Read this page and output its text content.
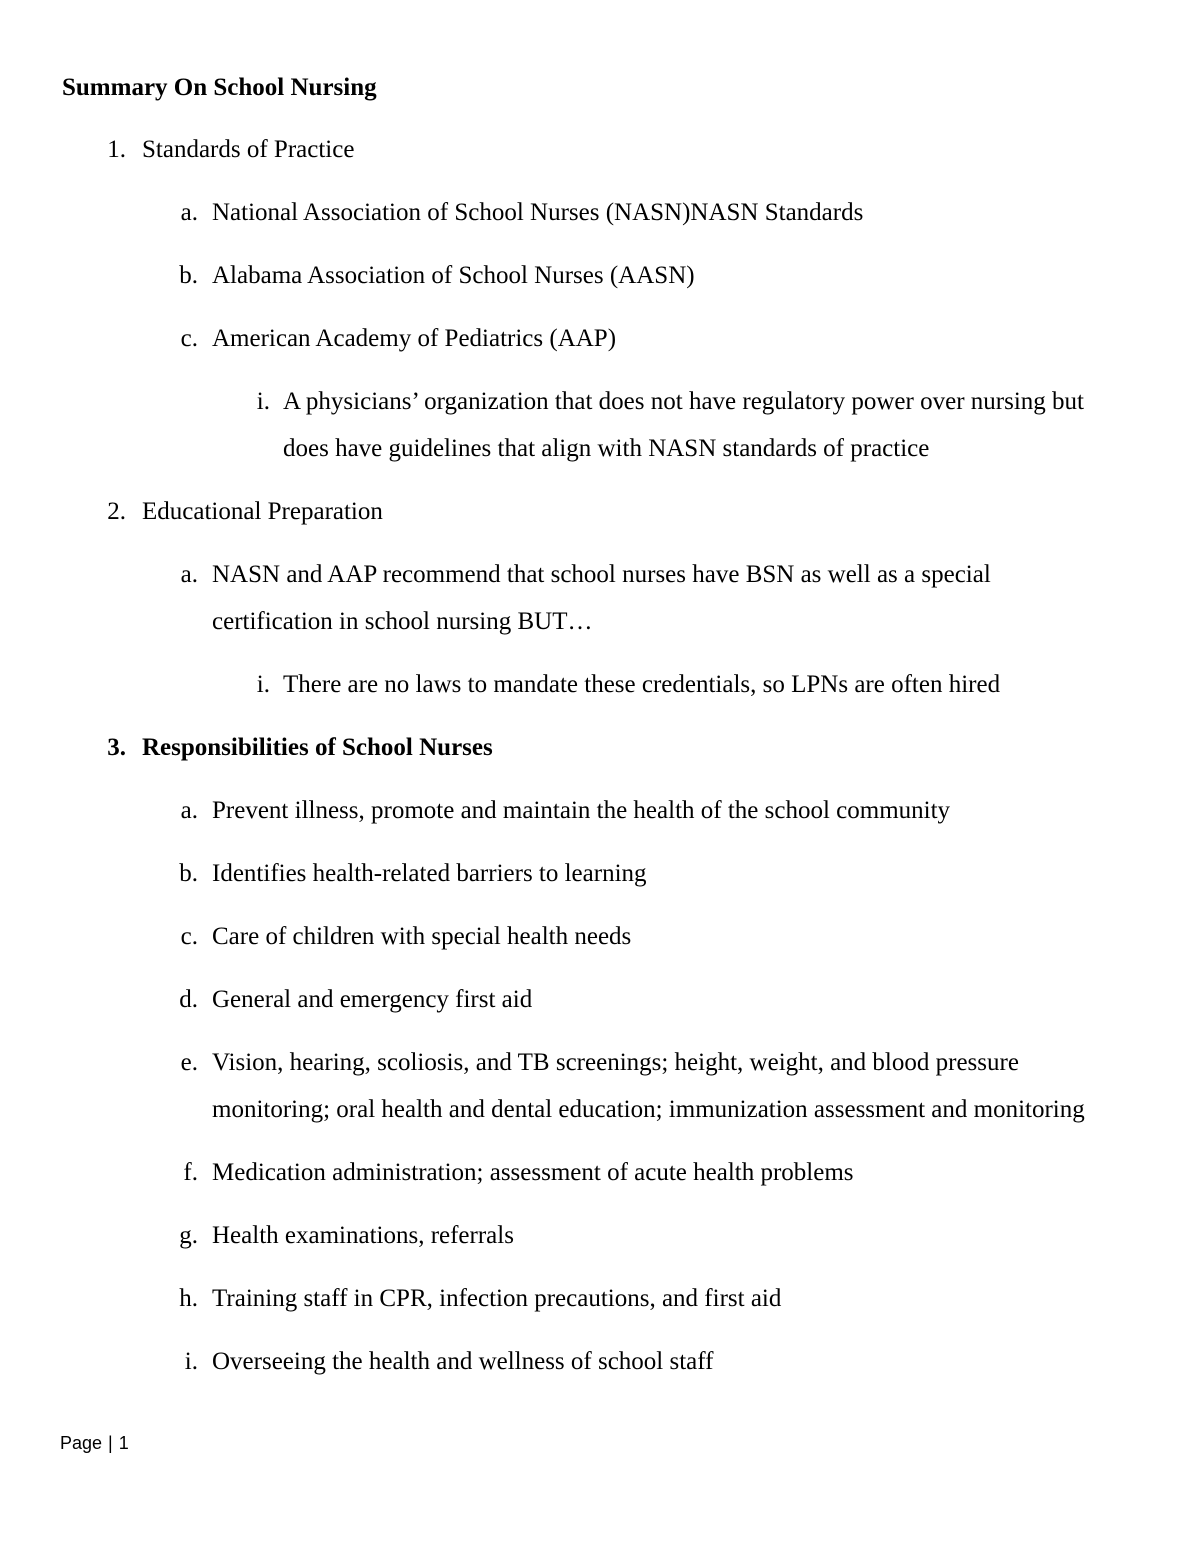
Summary On School Nursing
1. Standards of Practice
a. National Association of School Nurses (NASN)NASN Standards
b. Alabama Association of School Nurses (AASN)
c. American Academy of Pediatrics (AAP)
i. A physicians’ organization that does not have regulatory power over nursing but
does have guidelines that align with NASN standards of practice
2. Educational Preparation
a. NASN and AAP recommend that school nurses have BSN as well as a special
certification in school nursing BUT…
i. There are no laws to mandate these credentials, so LPNs are often hired
3. Responsibilities of School Nurses
a. Prevent illness, promote and maintain the health of the school community
b. Identifies health-related barriers to learning
c. Care of children with special health needs
d. General and emergency first aid
e. Vision, hearing, scoliosis, and TB screenings; height, weight, and blood pressure
monitoring; oral health and dental education; immunization assessment and monitoring
f. Medication administration; assessment of acute health problems
g. Health examinations, referrals
h. Training staff in CPR, infection precautions, and first aid
i. Overseeing the health and wellness of school staff
Page | 1
